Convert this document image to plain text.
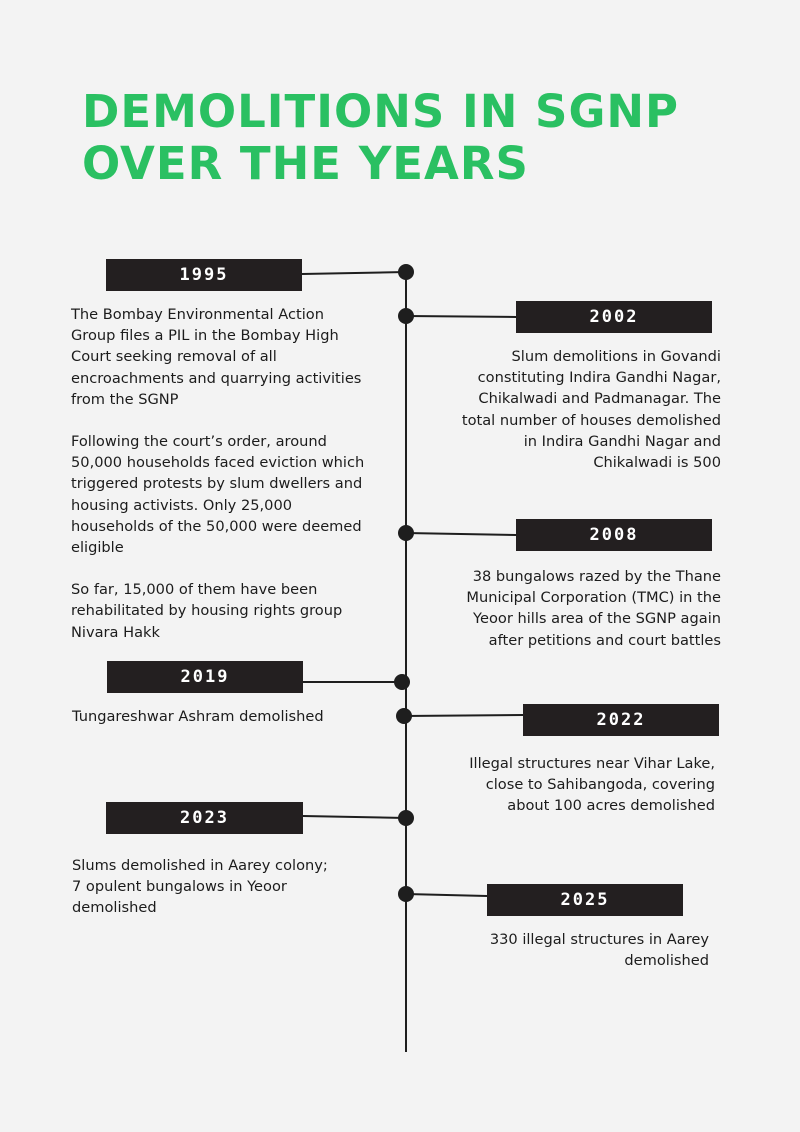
DEMOLITIONS IN SGNP
OVER THE YEARS
1995

The Bombay Environmental Action Group files a PIL in the Bombay High Court seeking removal of all encroachments and quarrying activities from the SGNP

Following the court’s order, around 50,000 households faced eviction which triggered protests by slum dwellers and housing activists. Only 25,000 households of the 50,000 were deemed eligible

So far, 15,000 of them have been rehabilitated by housing rights group Nivara Hakk

2002

Slum demolitions in Govandi constituting Indira Gandhi Nagar, Chikalwadi and Padmanagar. The total number of houses demolished in Indira Gandhi Nagar and Chikalwadi is 500

2008

38 bungalows razed by the Thane Municipal Corporation (TMC) in the Yeoor hills area of the SGNP again after petitions and court battles

2019

Tungareshwar Ashram demolished	2022

Illegal structures near Vihar Lake, close to Sahibangoda, covering about 100 acres demolished

2023

Slums demolished in Aarey colony; 7 opulent bungalows in Yeoor demolished	2025

330 illegal structures in Aarey demolished
